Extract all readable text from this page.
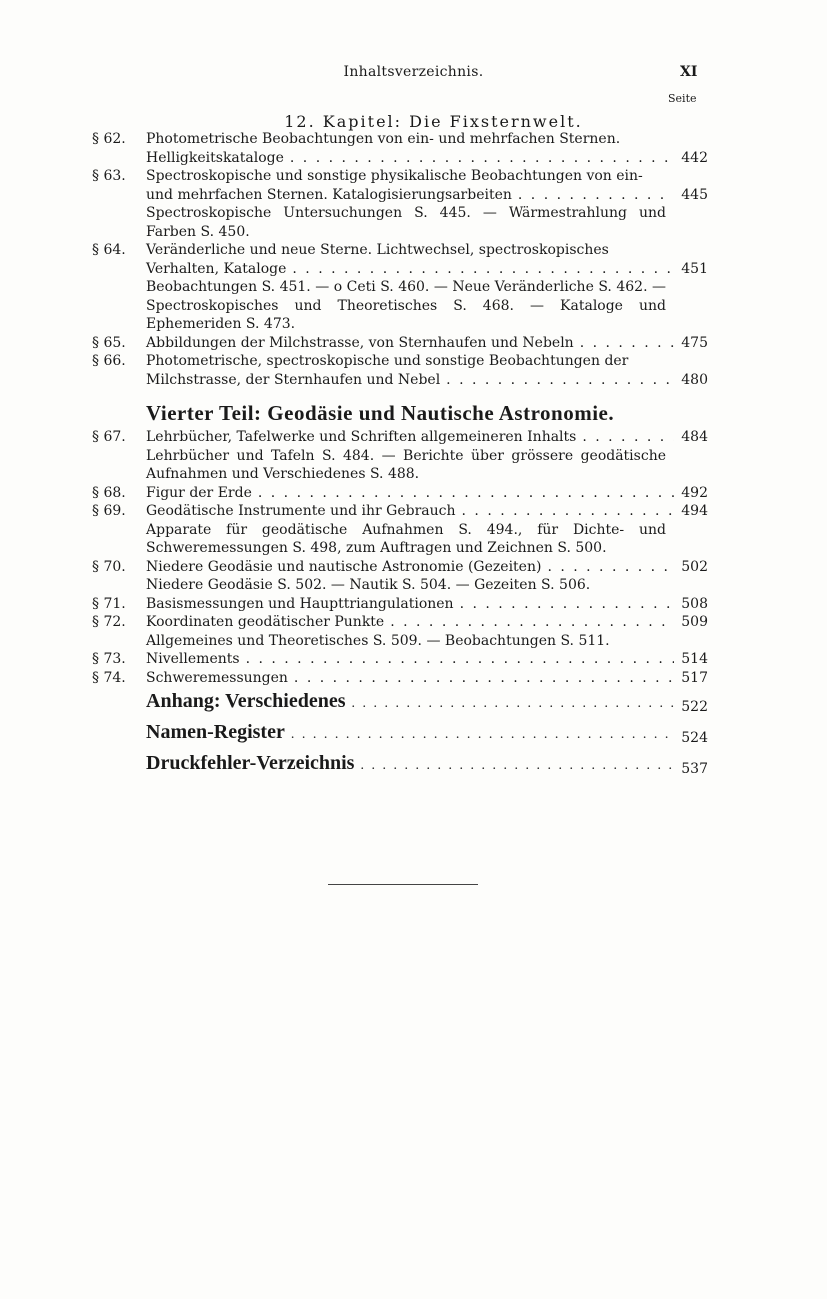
Inhaltsverzeichnis.	XI
Seite
12. Kapitel: Die Fixsternwelt.
§ 62. Photometrische Beobachtungen von ein- und mehrfachen Sternen.
Helligkeitskataloge . . .	442
§ 63. Spectroskopische und sonstige physikalische Beobachtungen von ein-
und mehrfachen Sternen. Katalogisierungsarbeiten . . .	445
Spectroskopische Untersuchungen S. 445. — Wärmestrahlung und Farben S. 450.
§ 64. Veränderliche und neue Sterne. Lichtwechsel, spectroskopisches
Verhalten, Kataloge . . .	451
Beobachtungen S. 451. — o Ceti S. 460. — Neue Veränderliche S. 462. — Spectroskopisches und Theoretisches S. 468. — Kataloge und Ephemeriden S. 473.
§ 65. Abbildungen der Milchstrasse, von Sternhaufen und Nebeln . . .	475
§ 66. Photometrische, spectroskopische und sonstige Beobachtungen der
Milchstrasse, der Sternhaufen und Nebel . . .	480
Vierter Teil: Geodäsie und Nautische Astronomie.
§ 67. Lehrbücher, Tafelwerke und Schriften allgemeineren Inhalts . . .	484
Lehrbücher und Tafeln S. 484. — Berichte über grössere geodätische Aufnahmen und Verschiedenes S. 488.
§ 68. Figur der Erde . . .	492
§ 69. Geodätische Instrumente und ihr Gebrauch . . .	494
Apparate für geodätische Aufnahmen S. 494., für Dichte- und Schweremessungen S. 498, zum Auftragen und Zeichnen S. 500.
§ 70. Niedere Geodäsie und nautische Astronomie (Gezeiten) . . .	502
Niedere Geodäsie S. 502. — Nautik S. 504. — Gezeiten S. 506.
§ 71. Basismessungen und Haupttriangulationen . . .	508
§ 72. Koordinaten geodätischer Punkte . . .	509
Allgemeines und Theoretisches S. 509. — Beobachtungen S. 511.
§ 73. Nivellements . . .	514
§ 74. Schweremessungen . . .	517
Anhang: Verschiedenes . . .	522
Namen-Register . . .	524
Druckfehler-Verzeichnis . . .	537
